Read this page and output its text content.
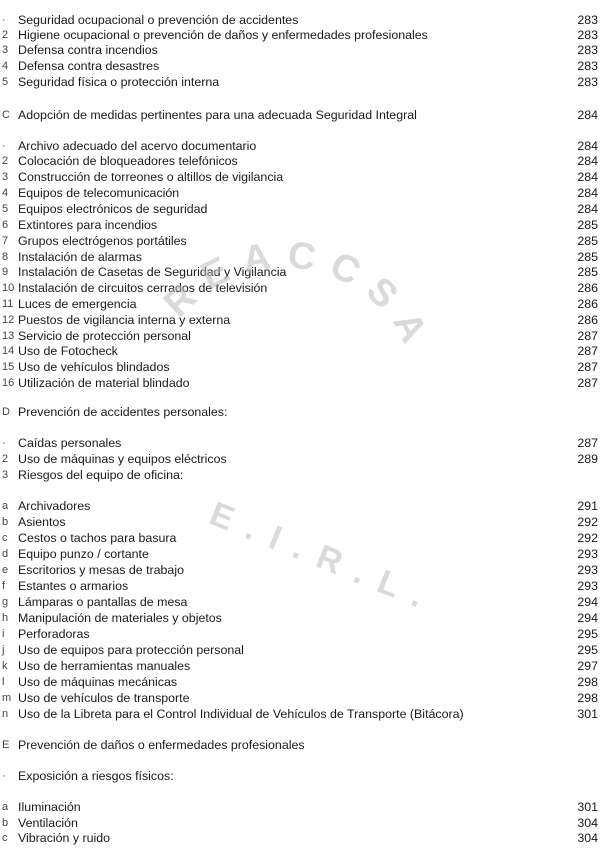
· Seguridad ocupacional o prevención de accidentes	283
2 Higiene ocupacional o prevención de daños y enfermedades profesionales	283
3 Defensa contra incendios	283
4 Defensa contra desastres	283
5 Seguridad física o protección interna	283
C Adopción de medidas pertinentes para una adecuada Seguridad Integral	284
· Archivo adecuado del acervo documentario	284
2 Colocación de bloqueadores telefónicos	284
3 Construcción de torreones o altillos de vigilancia	284
4 Equipos de telecomunicación	284
5 Equipos electrónicos de seguridad	284
6 Extintores para incendios	285
7 Grupos electrógenos portátiles	285
8 Instalación de alarmas	285
9 Instalación de Casetas de Seguridad y Vigilancia	285
10 Instalación de circuitos cerrados de televisión	286
11 Luces de emergencia	286
12 Puestos de vigilancia interna y externa	286
13 Servicio de protección personal	287
14 Uso de Fotocheck	287
15 Uso de vehículos blindados	287
16 Utilización de material blindado	287
D Prevención de accidentes personales:
· Caídas personales	287
2 Uso de máquinas y equipos eléctricos	289
3 Riesgos del equipo de oficina:
a Archivadores	291
b Asientos	292
c Cestos o tachos para basura	292
d Equipo punzo / cortante	293
e Escritorios y mesas de trabajo	293
f	Estantes o armarios	293
g Lámparas o pantallas de mesa	294
h Manipulación de materiales y objetos	294
i	Perforadoras	295
j	Uso de equipos para protección personal	295
k Uso de herramientas manuales	297
l	Uso de máquinas mecánicas	298
m Uso de vehículos de transporte	298
n Uso de la Libreta para el Control Individual de Vehículos de Transporte (Bitácora)	301
E Prevención de daños o enfermedades profesionales
· Exposición a riesgos físicos:
a Iluminación	301
b Ventilación	304
c Vibración y ruido	304
REACCSA
E.I.R.L.
